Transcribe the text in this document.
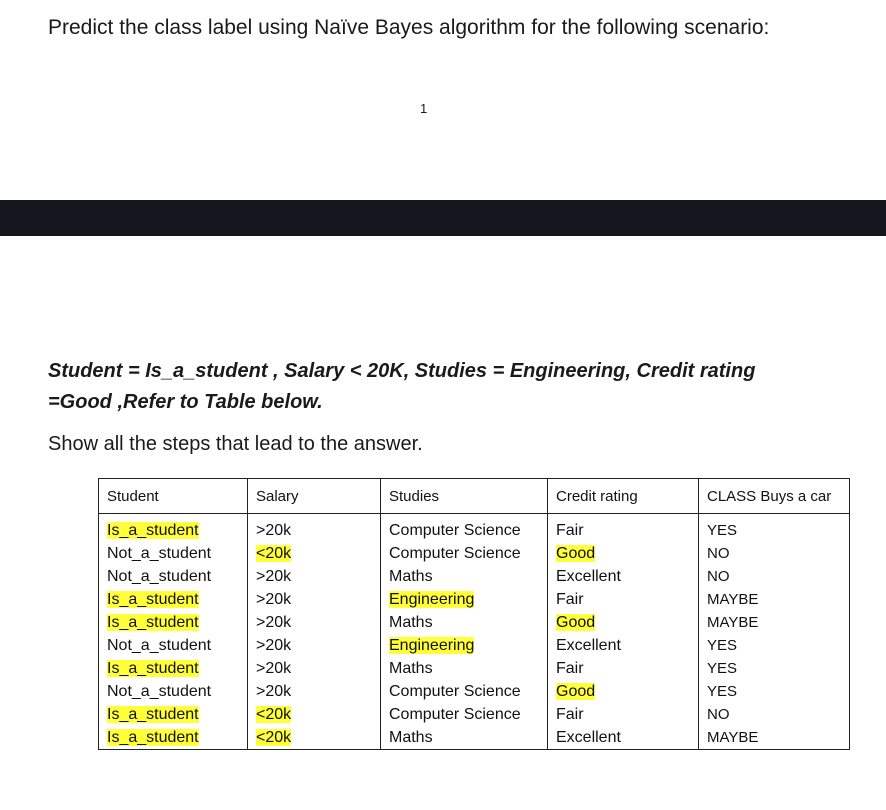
Predict the class label using Naïve Bayes algorithm for the following scenario:
1
Student = Is_a_student , Salary < 20K, Studies = Engineering, Credit rating
=Good ,Refer to Table below.
Show all the steps that lead to the answer.
Student	Salary	Studies	Credit rating	CLASS Buys a car

Is_a_student	>20k	Computer Science	Fair	YES
Not_a_student	<20k	Computer Science	Good	NO
Not_a_student	>20k	Maths	Excellent	NO
Is_a_student	>20k	Engineering	Fair	MAYBE
Is_a_student	>20k	Maths	Good	MAYBE
Not_a_student	>20k	Engineering	Excellent	YES
Is_a_student	>20k	Maths	Fair	YES
Not_a_student	>20k	Computer Science	Good	YES
Is_a_student	<20k	Computer Science	Fair	NO
Is_a_student	<20k	Maths	Excellent	MAYBE
